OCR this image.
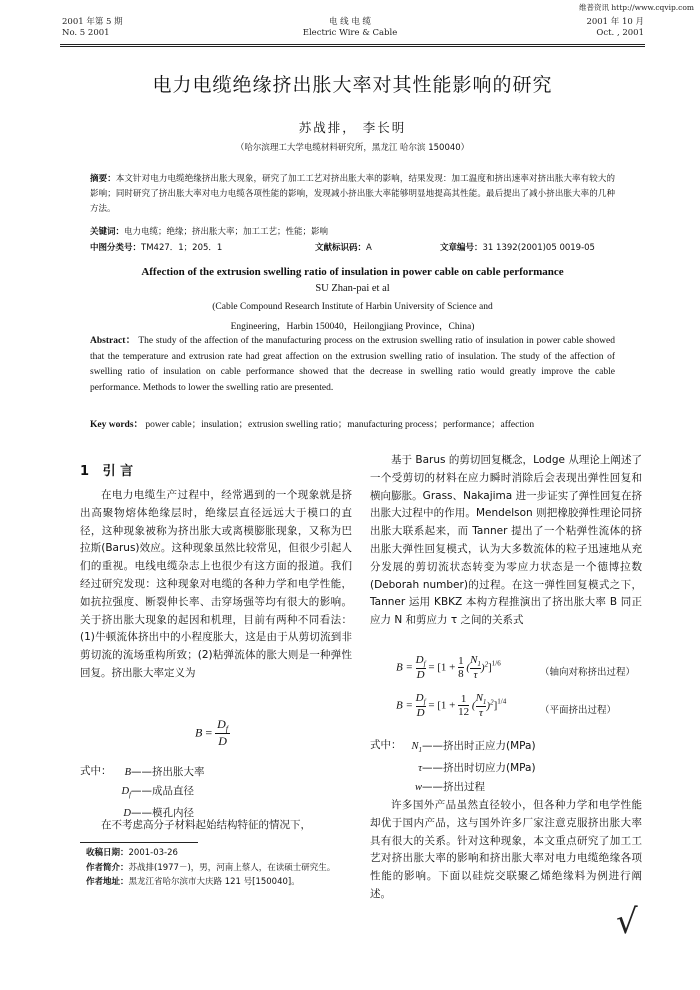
维普资讯 http://www.cqvip.com
2001 年第 5 期
No. 5 2001
电 线 电 缆
Electric Wire & Cable
2001 年 10 月
Oct. , 2001
电力电缆绝缘挤出胀大率对其性能影响的研究
苏战排， 李长明
（哈尔滨理工大学电缆材料研究所，黑龙江 哈尔滨 150040）
摘要：本文针对电力电缆绝缘挤出胀大现象，研究了加工工艺对挤出胀大率的影响，结果发现：加工温度和挤出速率对挤出胀大率有较大的影响；同时研究了挤出胀大率对电力电缆各项性能的影响，发现减小挤出胀大率能够明显地提高其性能。最后提出了减小挤出胀大率的几种方法。
关键词：电力电缆；绝缘；挤出胀大率；加工工艺；性能；影响
中图分类号：TM427．1；205．1	文献标识码：A	文章编号：31 1392(2001)05 0019-05
Affection of the extrusion swelling ratio of insulation in power cable on cable performance
SU Zhan-pai et al
(Cable Compound Research Institute of Harbin University of Science and
Engineering，Harbin 150040，Heilongjiang Province，China)
Abstract： The study of the affection of the manufacturing process on the extrusion swelling ratio of insulation in power cable showed that the temperature and extrusion rate had great affection on the extrusion swelling ratio of insulation. The study of the affection of swelling ratio of insulation on cable performance showed that the decrease in swelling ratio would greatly improve the cable performance. Methods to lower the swelling ratio are presented.
Key words： power cable；insulation；extrusion swelling ratio；manufacturing process；performance；affection
1 引 言
在电力电缆生产过程中，经常遇到的一个现象就是挤出高聚物熔体绝缘层时，绝缘层直径远远大于模口的直径，这种现象被称为挤出胀大或离模膨胀现象，又称为巴拉斯(Barus)效应。这种现象虽然比较常见，但很少引起人们的重视。电线电缆杂志上也很少有这方面的报道。我们经过研究发现：这种现象对电缆的各种力学和电学性能，如抗拉强度、断裂伸长率、击穿场强等均有很大的影响。关于挤出胀大现象的起因和机理，目前有两种不同看法：(1)牛顿流体挤出中的小程度胀大，这是由于从剪切流到非剪切流的流场重构所致；(2)粘弹流体的胀大则是一种弹性回复。挤出胀大率定义为
$B = \frac{D_f}{D}$
式中：	B——挤出胀大率
$D_f——$成品直径
D——模孔内径
在不考虑高分子材料起始结构特征的情况下，
收稿日期：2001-03-26
作者简介：苏战排(1977－)，男，河南上蔡人，在读硕士研究生。
作者地址：黑龙江省哈尔滨市大庆路 121 号[150040]。
基于 Barus 的剪切回复概念，Lodge 从理论上阐述了一个受剪切的材料在应力瞬时消除后会表现出弹性回复和横向膨胀。Grass、Nakajima 进一步证实了弹性回复在挤出胀大过程中的作用。Mendelson 则把橡胶弹性理论同挤出胀大联系起来，而 Tanner 提出了一个粘弹性流体的挤出胀大弹性回复模式，认为大多数流体的粒子迅速地从充分发展的剪切流状态转变为零应力状态是一个德博拉数(Deborah number)的过程。在这一弹性回复模式之下，Tanner 运用 KBKZ 本构方程推演出了挤出胀大率 B 同正应力 N 和剪应力 τ 之间的关系式
$B = \frac{D_f}{D} = [1 + \frac{1}{8}$ ( $\frac{N_1}{\tau} )^2]^{1/6}$
（轴向对称挤出过程）
$B = \frac{D_f}{D} = [1 + \frac{1}{12}$ ( $\frac{N_1}{\tau} )^2]^{1/4}$
（平面挤出过程）
式中： $N_1——$挤出时正应力(MPa)
τ——挤出时切应力(MPa)
w——挤出过程
许多国外产品虽然直径较小，但各种力学和电学性能却优于国内产品，这与国外许多厂家注意克服挤出胀大率具有很大的关系。针对这种现象，本文重点研究了加工工艺对挤出胀大率的影响和挤出胀大率对电力电缆绝缘各项性能的影响。下面以硅烷交联聚乙烯绝缘料为例进行阐述。
√
